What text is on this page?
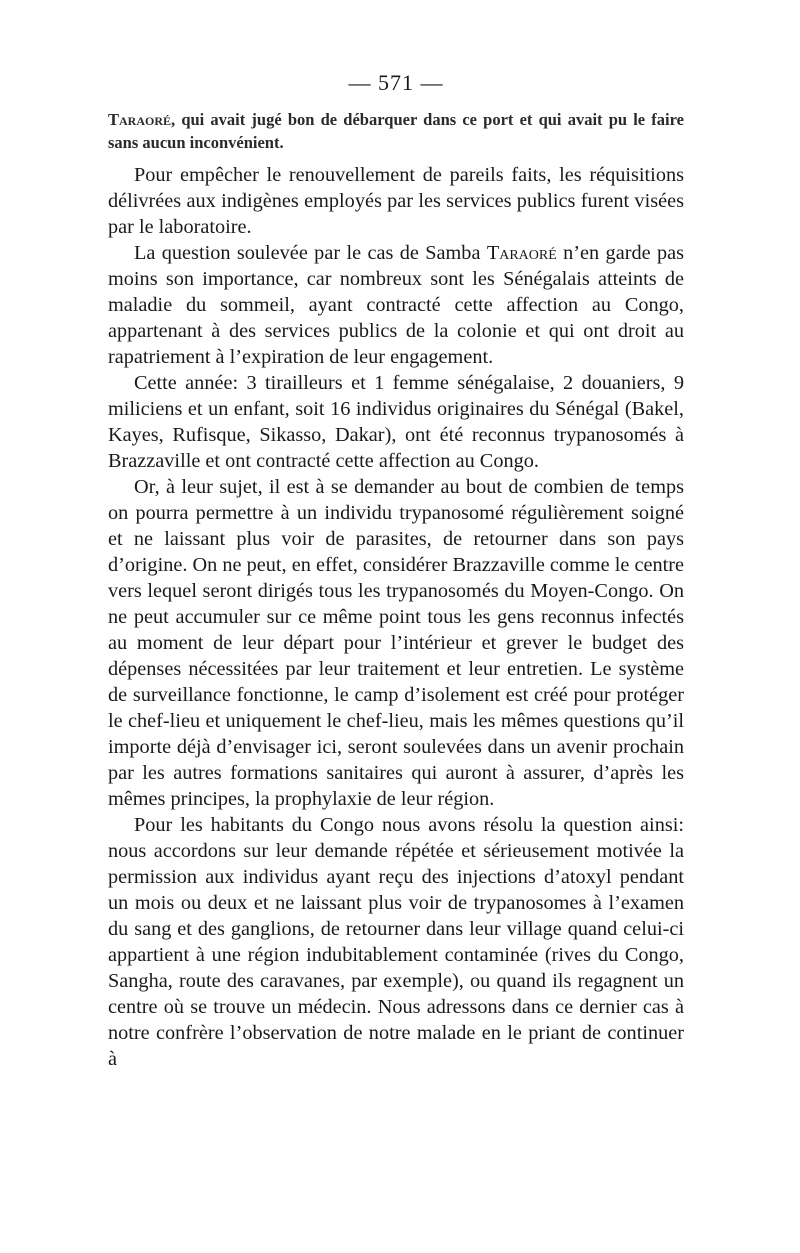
— 571 —

Taraoré, qui avait jugé bon de débarquer dans ce port et qui avait pu le faire sans aucun inconvénient.

Pour empêcher le renouvellement de pareils faits, les réquisitions délivrées aux indigènes employés par les services publics furent visées par le laboratoire.

La question soulevée par le cas de Samba Taraoré n’en garde pas moins son importance, car nombreux sont les Sénégalais atteints de maladie du sommeil, ayant contracté cette affection au Congo, appartenant à des services publics de la colonie et qui ont droit au rapatriement à l’expiration de leur engagement.

Cette année: 3 tirailleurs et 1 femme sénégalaise, 2 douaniers, 9 miliciens et un enfant, soit 16 individus originaires du Sénégal (Bakel, Kayes, Rufisque, Sikasso, Dakar), ont été reconnus trypanosomés à Brazzaville et ont contracté cette affection au Congo.

Or, à leur sujet, il est à se demander au bout de combien de temps on pourra permettre à un individu trypanosomé régulièrement soigné et ne laissant plus voir de parasites, de retourner dans son pays d’origine. On ne peut, en effet, considérer Brazzaville comme le centre vers lequel seront dirigés tous les trypanosomés du Moyen-Congo. On ne peut accumuler sur ce même point tous les gens reconnus infectés au moment de leur départ pour l’intérieur et grever le budget des dépenses nécessitées par leur traitement et leur entretien. Le système de surveillance fonctionne, le camp d’isolement est créé pour protéger le chef-lieu et uniquement le chef-lieu, mais les mêmes questions qu’il importe déjà d’envisager ici, seront soulevées dans un avenir prochain par les autres formations sanitaires qui auront à assurer, d’après les mêmes principes, la prophylaxie de leur région.

Pour les habitants du Congo nous avons résolu la question ainsi: nous accordons sur leur demande répétée et sérieusement motivée la permission aux individus ayant reçu des injections d’atoxyl pendant un mois ou deux et ne laissant plus voir de trypanosomes à l’examen du sang et des ganglions, de retourner dans leur village quand celui-ci appartient à une région indubitablement contaminée (rives du Congo, Sangha, route des caravanes, par exemple), ou quand ils regagnent un centre où se trouve un médecin. Nous adressons dans ce dernier cas à notre confrère l’observation de notre malade en le priant de continuer à
